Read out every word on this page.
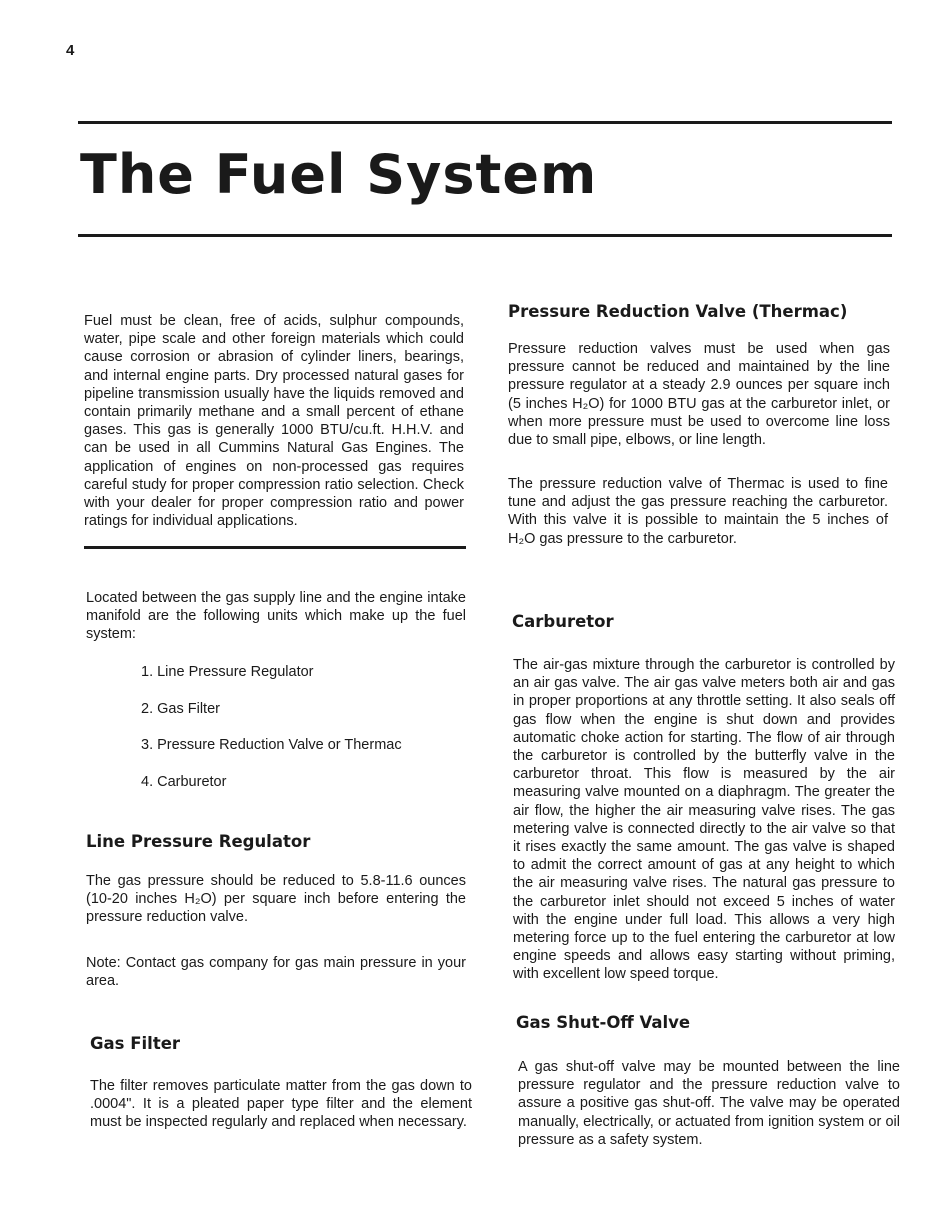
4
The Fuel System

Fuel must be clean, free of acids, sulphur compounds, water, pipe scale and other foreign materials which could cause corrosion or abrasion of cylinder liners, bearings, and internal engine parts. Dry processed natural gases for pipeline transmission usually have the liquids removed and contain primarily methane and a small percent of ethane gases. This gas is generally 1000 BTU/cu.ft. H.H.V. and can be used in all Cummins Natural Gas Engines. The application of engines on non-processed gas requires careful study for proper compression ratio selection. Check with your dealer for proper compression ratio and power ratings for individual applications.

Located between the gas supply line and the engine intake manifold are the following units which make up the fuel system:

1. Line Pressure Regulator
2. Gas Filter
3. Pressure Reduction Valve or Thermac
4. Carburetor
Line Pressure Regulator

The gas pressure should be reduced to 5.8-11.6 ounces (10-20 inches H₂O) per square inch before entering the pressure reduction valve.

Note: Contact gas company for gas main pressure in your area.

Gas Filter

The filter removes particulate matter from the gas down to .0004". It is a pleated paper type filter and the element must be inspected regularly and replaced when necessary.

Pressure Reduction Valve (Thermac)

Pressure reduction valves must be used when gas pressure cannot be reduced and maintained by the line pressure regulator at a steady 2.9 ounces per square inch (5 inches H₂O) for 1000 BTU gas at the carburetor inlet, or when more pressure must be used to overcome line loss due to small pipe, elbows, or line length.

The pressure reduction valve of Thermac is used to fine tune and adjust the gas pressure reaching the carburetor. With this valve it is possible to maintain the 5 inches of H₂O gas pressure to the carburetor.

Carburetor

The air-gas mixture through the carburetor is controlled by an air gas valve. The air gas valve meters both air and gas in proper proportions at any throttle setting. It also seals off gas flow when the engine is shut down and provides automatic choke action for starting. The flow of air through the carburetor is controlled by the butterfly valve in the carburetor throat. This flow is measured by the air measuring valve mounted on a diaphragm. The greater the air flow, the higher the air measuring valve rises. The gas metering valve is connected directly to the air valve so that it rises exactly the same amount. The gas valve is shaped to admit the correct amount of gas at any height to which the air measuring valve rises. The natural gas pressure to the carburetor inlet should not exceed 5 inches of water with the engine under full load. This allows a very high metering force up to the fuel entering the carburetor at low engine speeds and allows easy starting without priming, with excellent low speed torque.

Gas Shut-Off Valve

A gas shut-off valve may be mounted between the line pressure regulator and the pressure reduction valve to assure a positive gas shut-off. The valve may be operated manually, electrically, or actuated from ignition system or oil pressure as a safety system.
